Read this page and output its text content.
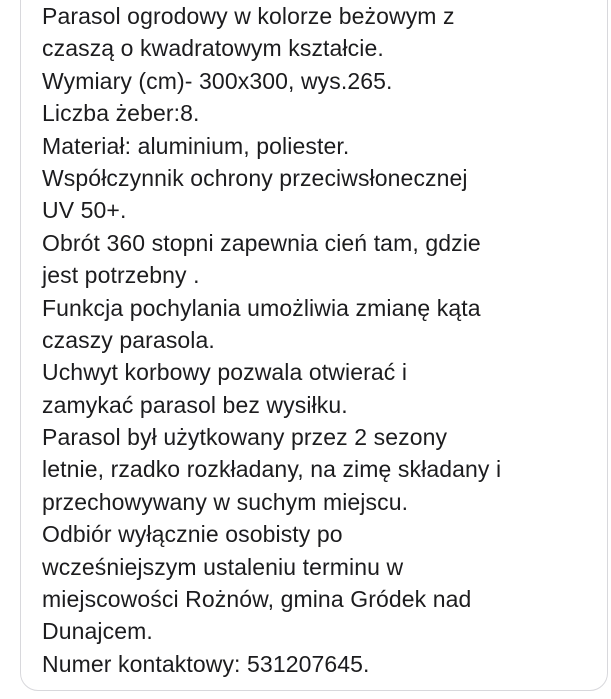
Parasol ogrodowy w kolorze beżowym z
czaszą o kwadratowym kształcie.
Wymiary (cm)- 300x300, wys.265.
Liczba żeber:8.
Materiał: aluminium, poliester.
Współczynnik ochrony przeciwsłonecznej
UV 50+.
Obrót 360 stopni zapewnia cień tam, gdzie
jest potrzebny .
Funkcja pochylania umożliwia zmianę kąta
czaszy parasola.
Uchwyt korbowy pozwala otwierać i
zamykać parasol bez wysiłku.
Parasol był użytkowany przez 2 sezony
letnie, rzadko rozkładany, na zimę składany i
przechowywany w suchym miejscu.
Odbiór wyłącznie osobisty po
wcześniejszym ustaleniu terminu w
miejscowości Rożnów, gmina Gródek nad
Dunajcem.
Numer kontaktowy: 531207645.
